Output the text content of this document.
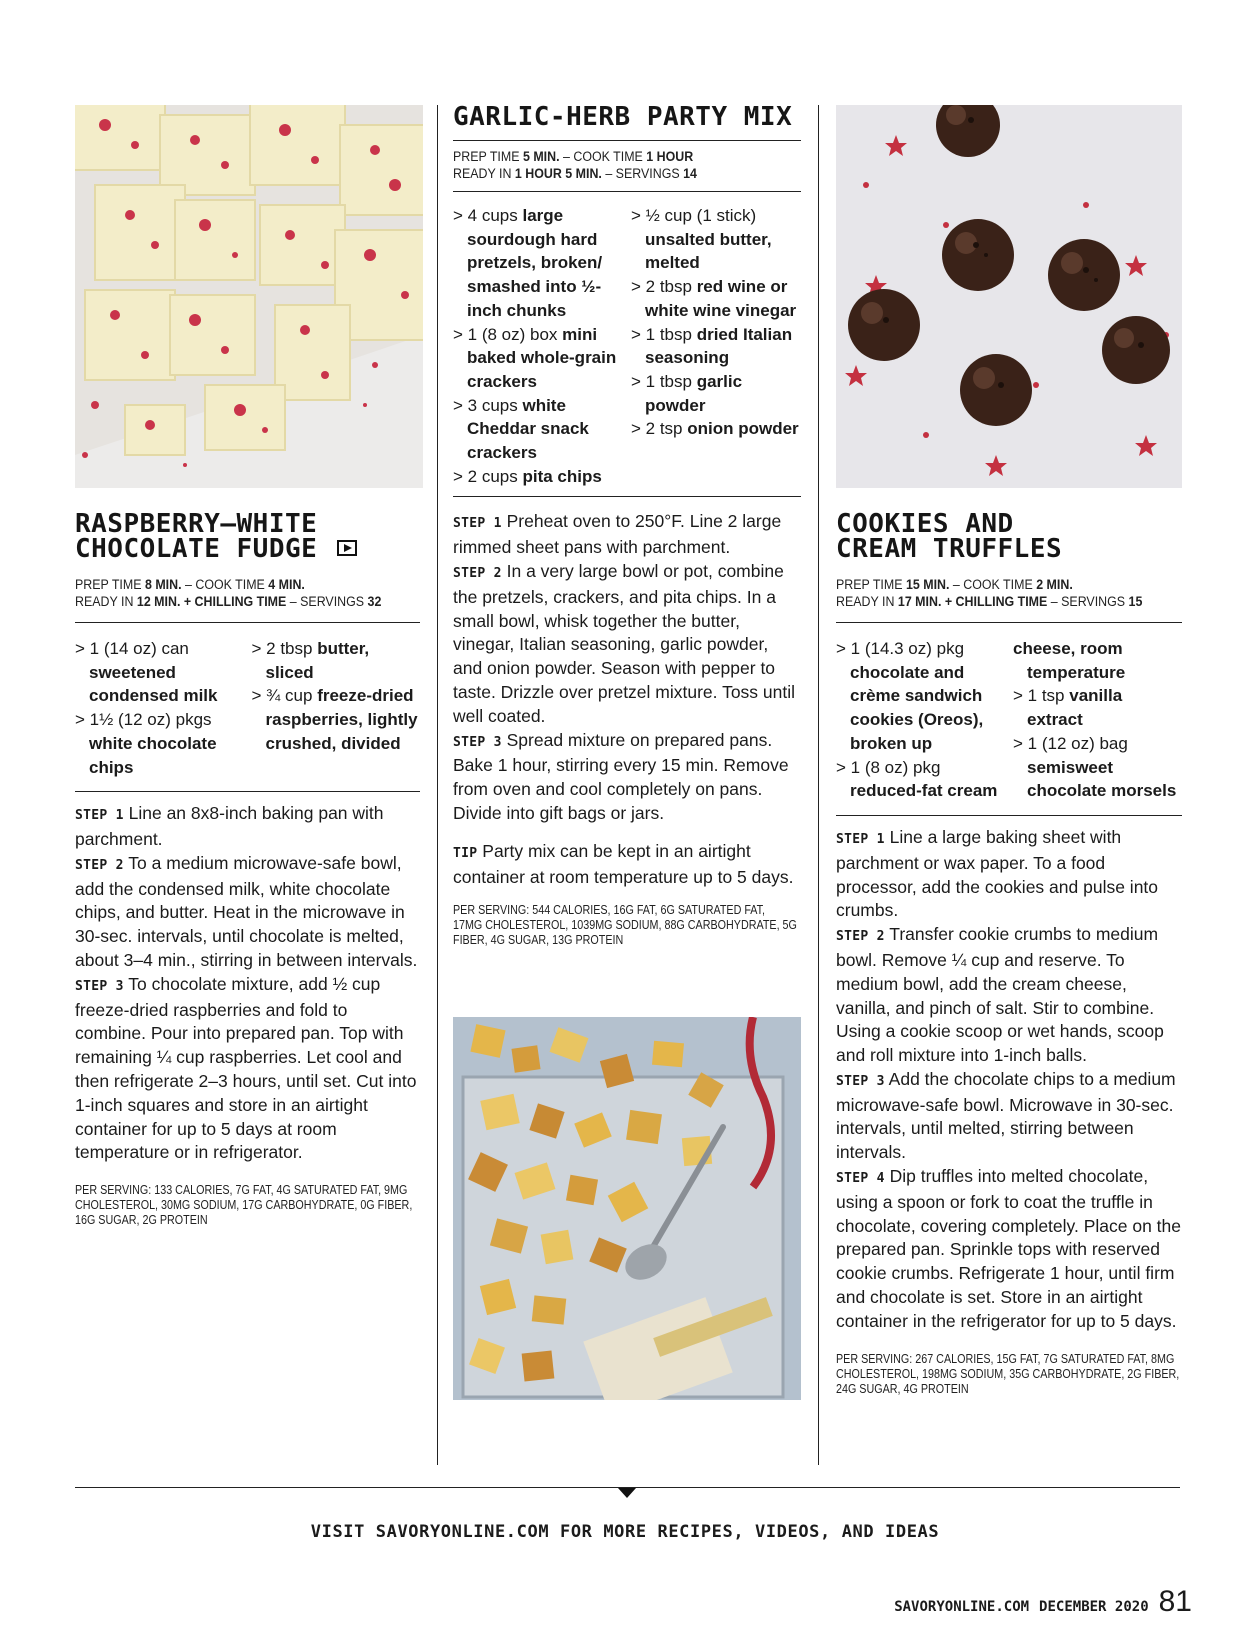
RASPBERRY–WHITE
CHOCOLATE FUDGE
PREP TIME 8 MIN. – COOK TIME 4 MIN.
READY IN 12 MIN. + CHILLING TIME – SERVINGS 32
> 1 (14 oz) can sweetened condensed milk
> 1½ (12 oz) pkgs white chocolate chips
> 2 tbsp butter, sliced
> ¾ cup freeze-dried raspberries, lightly crushed, divided

STEP 1 Line an 8x8-inch baking pan with parchment.

STEP 2 To a medium microwave-safe bowl, add the condensed milk, white chocolate chips, and butter. Heat in the microwave in 30-sec. intervals, until chocolate is melted, about 3–4 min., stirring in between intervals.

STEP 3 To chocolate mixture, add ½ cup freeze-dried raspberries and fold to combine. Pour into prepared pan. Top with remaining ¼ cup raspberries. Let cool and then refrigerate 2–3 hours, until set. Cut into 1-inch squares and store in an airtight container for up to 5 days at room temperature or in refrigerator.

PER SERVING: 133 CALORIES, 7G FAT, 4G SATURATED FAT, 9MG CHOLESTEROL, 30MG SODIUM, 17G CARBOHYDRATE, 0G FIBER, 16G SUGAR, 2G PROTEIN
GARLIC-HERB PARTY MIX
PREP TIME 5 MIN. – COOK TIME 1 HOUR
READY IN 1 HOUR 5 MIN. – SERVINGS 14
> 4 cups large sourdough hard pretzels, broken/ smashed into ½-inch chunks
> 1 (8 oz) box mini baked whole-grain crackers
> 3 cups white Cheddar snack crackers
> 2 cups pita chips
> ½ cup (1 stick) unsalted butter, melted
> 2 tbsp red wine or white wine vinegar
> 1 tbsp dried Italian seasoning
> 1 tbsp garlic powder
> 2 tsp onion powder

STEP 1 Preheat oven to 250°F. Line 2 large rimmed sheet pans with parchment.

STEP 2 In a very large bowl or pot, combine the pretzels, crackers, and pita chips. In a small bowl, whisk together the butter, vinegar, Italian seasoning, garlic powder, and onion powder. Season with pepper to taste. Drizzle over pretzel mixture. Toss until well coated.

STEP 3 Spread mixture on prepared pans. Bake 1 hour, stirring every 15 min. Remove from oven and cool completely on pans. Divide into gift bags or jars.

TIP Party mix can be kept in an airtight container at room temperature up to 5 days.

PER SERVING: 544 CALORIES, 16G FAT, 6G SATURATED FAT, 17MG CHOLESTEROL, 1039MG SODIUM, 88G CARBOHYDRATE, 5G FIBER, 4G SUGAR, 13G PROTEIN
COOKIES AND
CREAM TRUFFLES
PREP TIME 15 MIN. – COOK TIME 2 MIN.
READY IN 17 MIN. + CHILLING TIME – SERVINGS 15
> 1 (14.3 oz) pkg chocolate and crème sandwich cookies (Oreos), broken up
> 1 (8 oz) pkg reduced-fat cream
cheese, room temperature
> 1 tsp vanilla extract
> 1 (12 oz) bag semisweet chocolate morsels

STEP 1 Line a large baking sheet with parchment or wax paper. To a food processor, add the cookies and pulse into crumbs.

STEP 2 Transfer cookie crumbs to medium bowl. Remove ¼ cup and reserve. To medium bowl, add the cream cheese, vanilla, and pinch of salt. Stir to combine. Using a cookie scoop or wet hands, scoop and roll mixture into 1-inch balls.

STEP 3 Add the chocolate chips to a medium microwave-safe bowl. Microwave in 30-sec. intervals, until melted, stirring between intervals.

STEP 4 Dip truffles into melted chocolate, using a spoon or fork to coat the truffle in chocolate, covering completely. Place on the prepared pan. Sprinkle tops with reserved cookie crumbs. Refrigerate 1 hour, until firm and chocolate is set. Store in an airtight container in the refrigerator for up to 5 days.

PER SERVING: 267 CALORIES, 15G FAT, 7G SATURATED FAT, 8MG CHOLESTEROL, 198MG SODIUM, 35G CARBOHYDRATE, 2G FIBER, 24G SUGAR, 4G PROTEIN
VISIT SAVORYONLINE.COM FOR MORE RECIPES, VIDEOS, AND IDEAS
SAVORYONLINE.COM DECEMBER 2020 81
